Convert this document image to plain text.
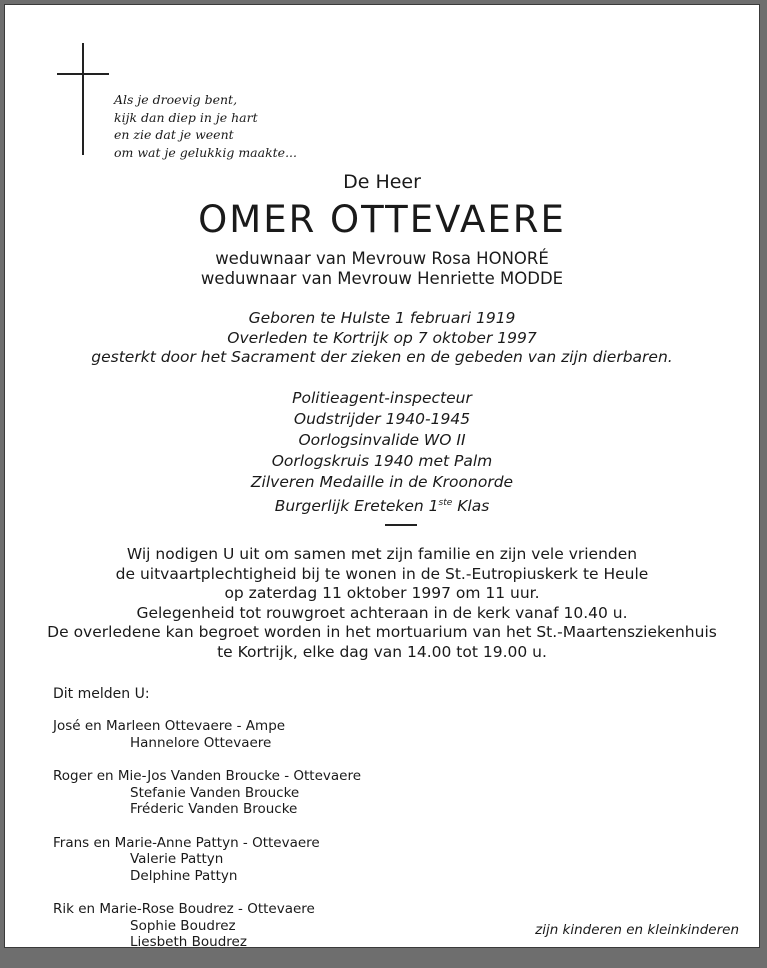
Als je droevig bent,
kijk dan diep in je hart
en zie dat je weent
om wat je gelukkig maakte...
De Heer
OMER OTTEVAERE
weduwnaar van Mevrouw Rosa HONORÉ
weduwnaar van Mevrouw Henriette MODDE
Geboren te Hulste 1 februari 1919
Overleden te Kortrijk op 7 oktober 1997
gesterkt door het Sacrament der zieken en de gebeden van zijn dierbaren.
Politieagent-inspecteur
Oudstrijder 1940-1945
Oorlogsinvalide WO II
Oorlogskruis 1940 met Palm
Zilveren Medaille in de Kroonorde
Burgerlijk Ereteken 1ste Klas
Wij nodigen U uit om samen met zijn familie en zijn vele vrienden
de uitvaartplechtigheid bij te wonen in de St.-Eutropiuskerk te Heule
op zaterdag 11 oktober 1997 om 11 uur.
Gelegenheid tot rouwgroet achteraan in de kerk vanaf 10.40 u.
De overledene kan begroet worden in het mortuarium van het St.-Maartensziekenhuis
te Kortrijk, elke dag van 14.00 tot 19.00 u.
Dit melden U:
José en Marleen Ottevaere - Ampe
Hannelore Ottevaere
Roger en Mie-Jos Vanden Broucke - Ottevaere
Stefanie Vanden Broucke
Fréderic Vanden Broucke
Frans en Marie-Anne Pattyn - Ottevaere
Valerie Pattyn
Delphine Pattyn
Rik en Marie-Rose Boudrez - Ottevaere
Sophie Boudrez
Liesbeth Boudrez
zijn kinderen en kleinkinderen
